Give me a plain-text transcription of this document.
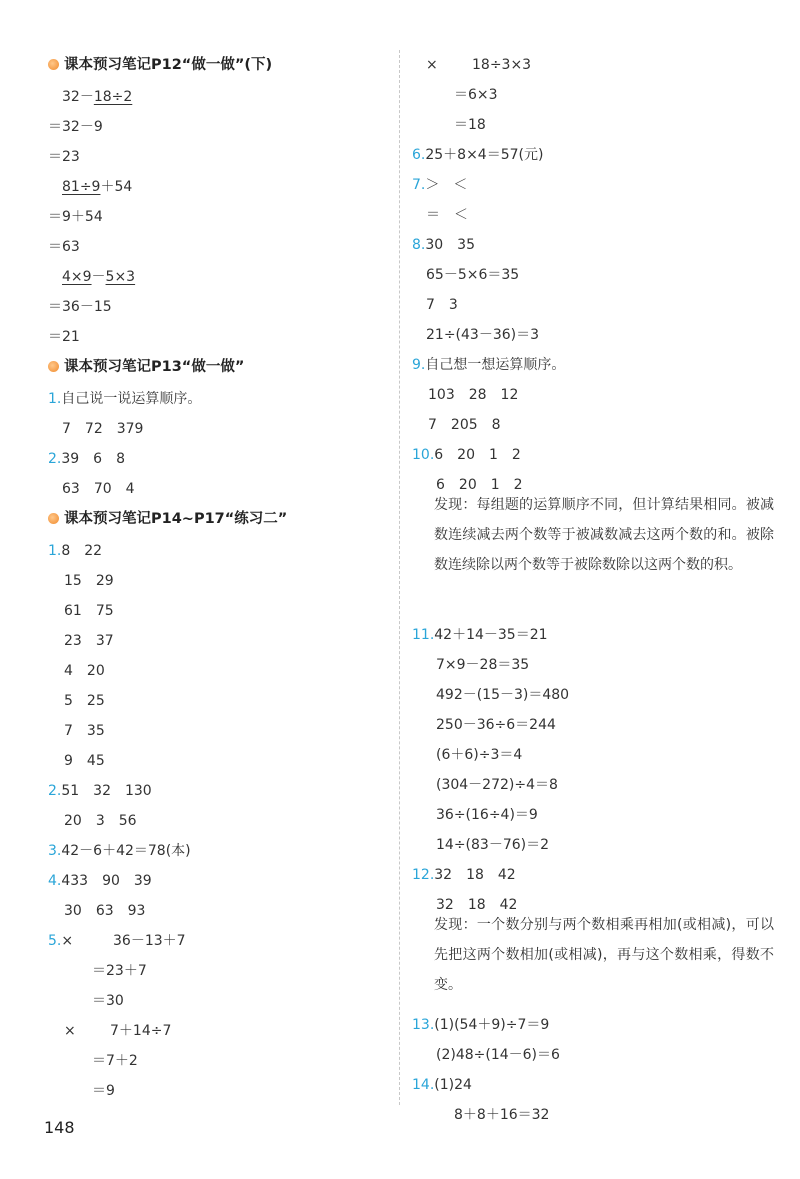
课本预习笔记P12“做一做”(下)
32－18÷2
＝32－9
＝23
81÷9＋54
＝9＋54
＝63
4×9－5×3
＝36－15
＝21
课本预习笔记P13“做一做”
1.自己说一说运算顺序。
7　72　379
2.39　6　8
63　70　4
课本预习笔记P14~P17“练习二”
1.8　22
15　29
61　75
23　37
4　20
5　25
7　35
9　45
2.51　32　130
20　3　56
3.42－6＋42＝78(本)
4.433　90　39
30　63　93
5.×	36－13＋7
＝23＋7
＝30
× 7＋14÷7
＝7＋2
＝9
× 18÷3×3
＝6×3
＝18
6.25＋8×4＝57(元)
7.＞　＜
＝　＜
8.30　35
65－5×6＝35
7　3
21÷(43－36)＝3
9.自己想一想运算顺序。
103　28　12
7　205　8
10.6　20　1　2
6　20　1　2
发现：每组题的运算顺序不同，但计算结果相同。被减数连续减去两个数等于被减数减去这两个数的和。被除数连续除以两个数等于被除数除以这两个数的积。
11.42＋14－35＝21
7×9－28＝35
492－(15－3)＝480
250－36÷6＝244
(6＋6)÷3＝4
(304－272)÷4＝8
36÷(16÷4)＝9
14÷(83－76)＝2
12.32　18　42
32　18　42
发现：一个数分别与两个数相乘再相加(或相减)，可以先把这两个数相加(或相减)，再与这个数相乘，得数不变。
13.(1)(54＋9)÷7＝9
(2)48÷(14－6)＝6
14.(1)24
8＋8＋16＝32
148
